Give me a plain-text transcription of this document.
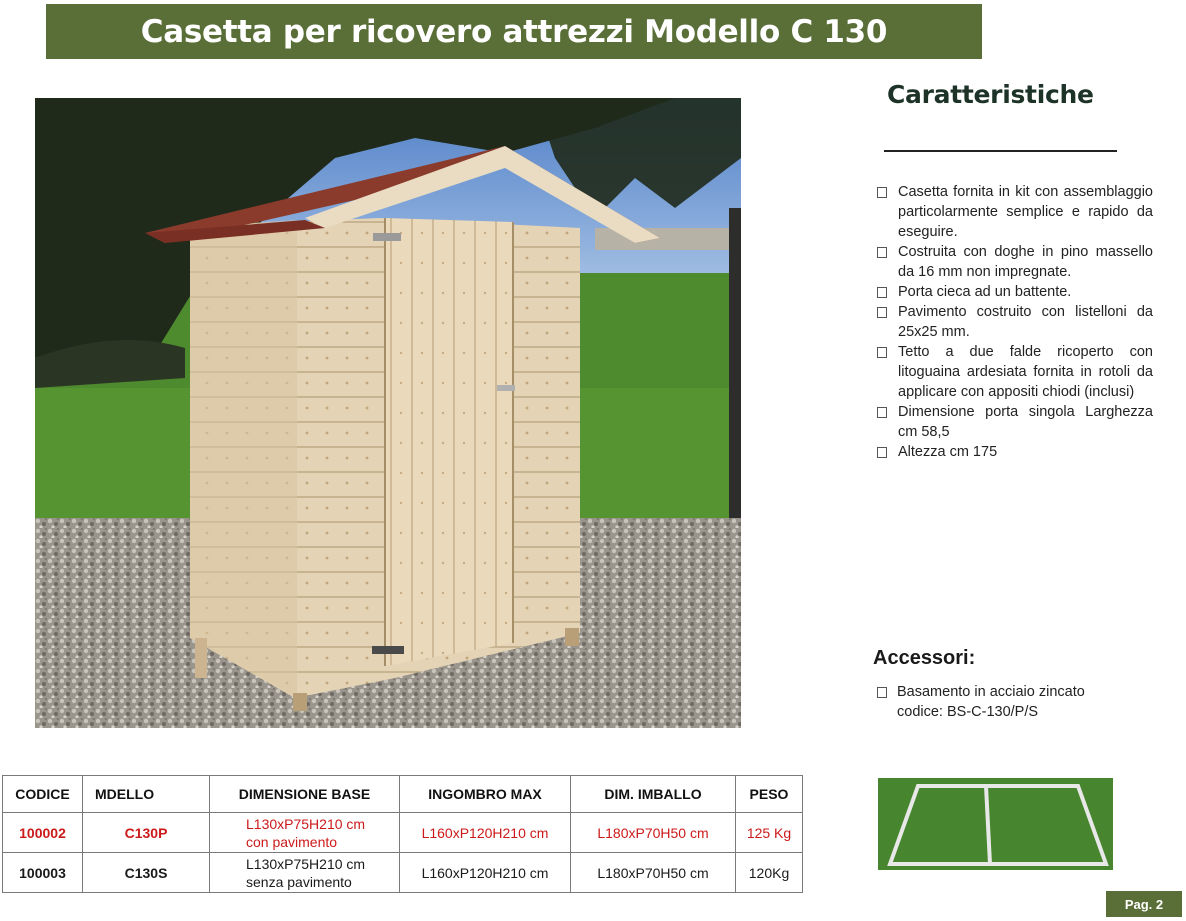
Casetta per ricovero attrezzi Modello C 130
Caratteristiche
Casetta fornita in kit con assemblaggio particolarmente semplice e rapido da eseguire.
Costruita con doghe in pino massello da 16 mm non impregnate.
Porta cieca ad un battente.
Pavimento costruito con listelloni da 25x25 mm.
Tetto a due falde ricoperto con litoguaina ardesiata fornita in rotoli da applicare con appositi chiodi (inclusi)
Dimensione porta singola Larghezza cm 58,5
Altezza cm 175
Accessori:
Basamento in acciaio zincato
codice: BS-C-130/P/S
CODICE	MDELLO	DIMENSIONE BASE	INGOMBRO MAX	DIM. IMBALLO	PESO
100002	C130P	L130xP75H210 cm
con pavimento	L160xP120H210 cm	L180xP70H50 cm	125 Kg
100003	C130S	L130xP75H210 cm
senza pavimento	L160xP120H210 cm	L180xP70H50 cm	120Kg
Pag. 2
